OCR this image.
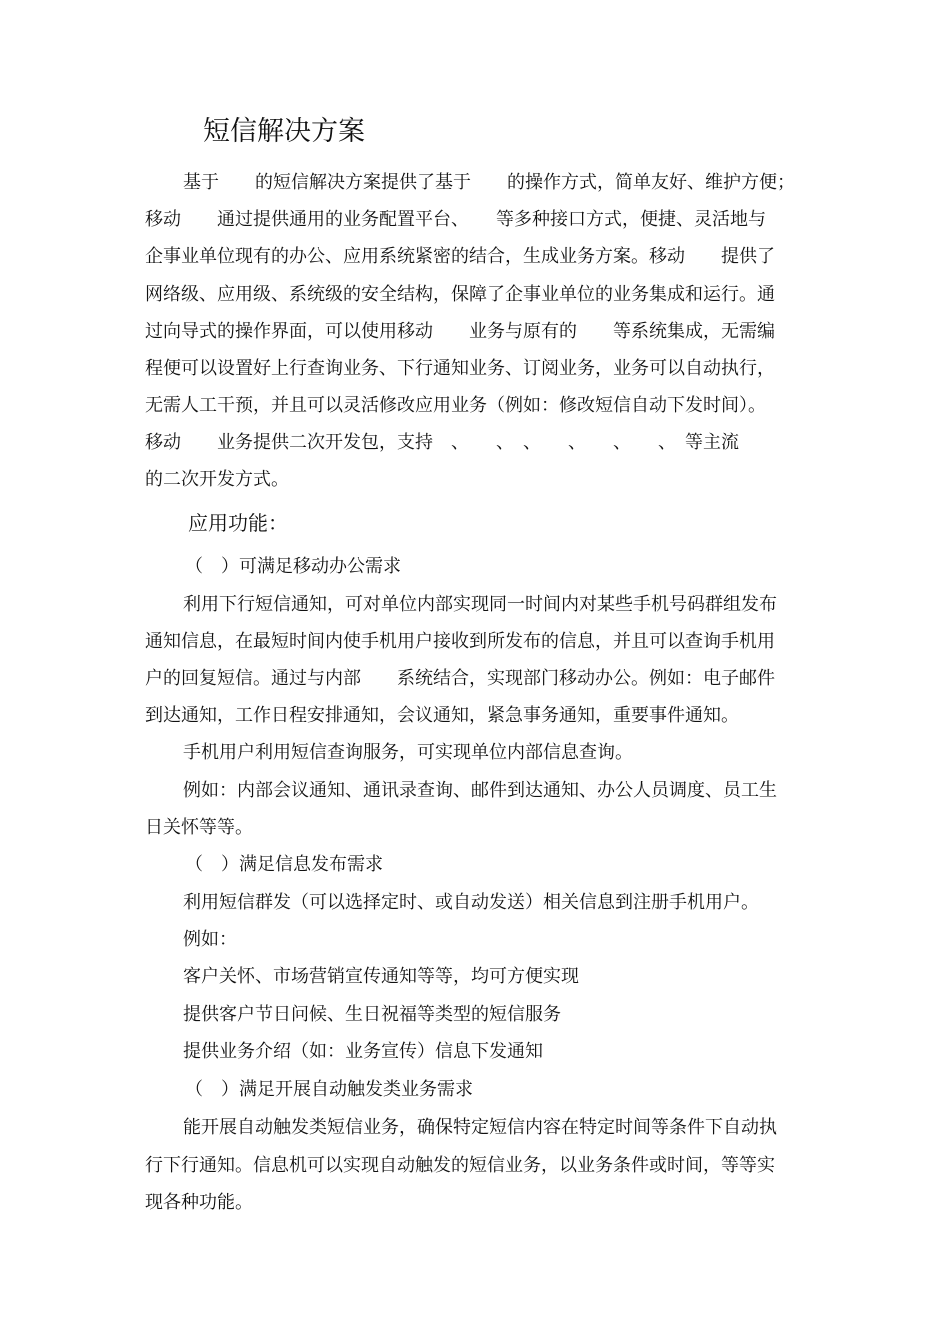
短信解决方案
基于　　的短信解决方案提供了基于　　的操作方式，简单友好、维护方便；
移动　　通过提供通用的业务配置平台、　　等多种接口方式，便捷、灵活地与
企事业单位现有的办公、应用系统紧密的结合，生成业务方案。移动　　提供了
网络级、应用级、系统级的安全结构，保障了企事业单位的业务集成和运行。通
过向导式的操作界面，可以使用移动　　业务与原有的　　等系统集成，无需编
程便可以设置好上行查询业务、下行通知业务、订阅业务，业务可以自动执行，
无需人工干预，并且可以灵活修改应用业务（例如：修改短信自动下发时间）。
移动　　业务提供二次开发包，支持　、　　、　、　　、　　、　　、　等主流
的二次开发方式。
应用功能：
（　）可满足移动办公需求
利用下行短信通知，可对单位内部实现同一时间内对某些手机号码群组发布
通知信息，在最短时间内使手机用户接收到所发布的信息，并且可以查询手机用
户的回复短信。通过与内部　　系统结合，实现部门移动办公。例如：电子邮件
到达通知，工作日程安排通知，会议通知，紧急事务通知，重要事件通知。
手机用户利用短信查询服务，可实现单位内部信息查询。
例如：内部会议通知、通讯录查询、邮件到达通知、办公人员调度、员工生
日关怀等等。
（　）满足信息发布需求
利用短信群发（可以选择定时、或自动发送）相关信息到注册手机用户。
例如：
客户关怀、市场营销宣传通知等等，均可方便实现
提供客户节日问候、生日祝福等类型的短信服务
提供业务介绍（如：业务宣传）信息下发通知
（　）满足开展自动触发类业务需求
能开展自动触发类短信业务，确保特定短信内容在特定时间等条件下自动执
行下行通知。信息机可以实现自动触发的短信业务，以业务条件或时间，等等实
现各种功能。
